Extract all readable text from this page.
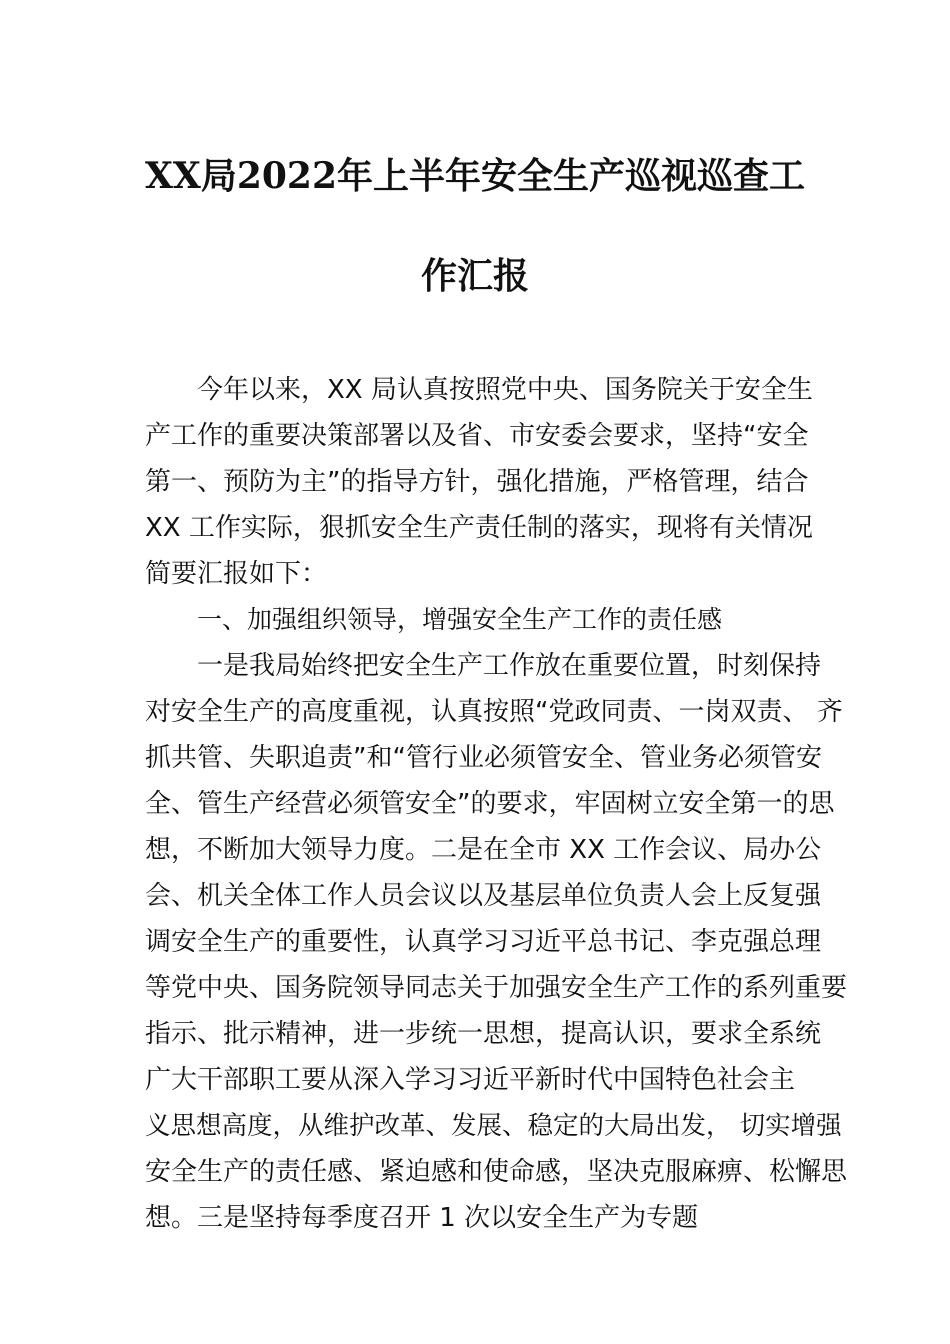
XX局2022年上半年安全生产巡视巡查工
作汇报

今年以来，XX 局认真按照党中央、国务院关于安全生

产工作的重要决策部署以及省、市安委会要求，坚持“安全

第一、预防为主”的指导方针，强化措施，严格管理，结合

XX 工作实际，狠抓安全生产责任制的落实，现将有关情况

简要汇报如下：

一、加强组织领导，增强安全生产工作的责任感

一是我局始终把安全生产工作放在重要位置，时刻保持

对安全生产的高度重视，认真按照“党政同责、一岗双责、 齐

抓共管、失职追责”和“管行业必须管安全、管业务必须管安

全、管生产经营必须管安全”的要求，牢固树立安全第一的思

想，不断加大领导力度。二是在全市 XX 工作会议、局办公

会、机关全体工作人员会议以及基层单位负责人会上反复强

调安全生产的重要性，认真学习习近平总书记、李克强总理

等党中央、国务院领导同志关于加强安全生产工作的系列重要

指示、批示精神，进一步统一思想，提高认识，要求全系统

广大干部职工要从深入学习习近平新时代中国特色社会主

义思想高度，从维护改革、发展、稳定的大局出发， 切实增强

安全生产的责任感、紧迫感和使命感，坚决克服麻痹、松懈思

想。三是坚持每季度召开 1 次以安全生产为专题
